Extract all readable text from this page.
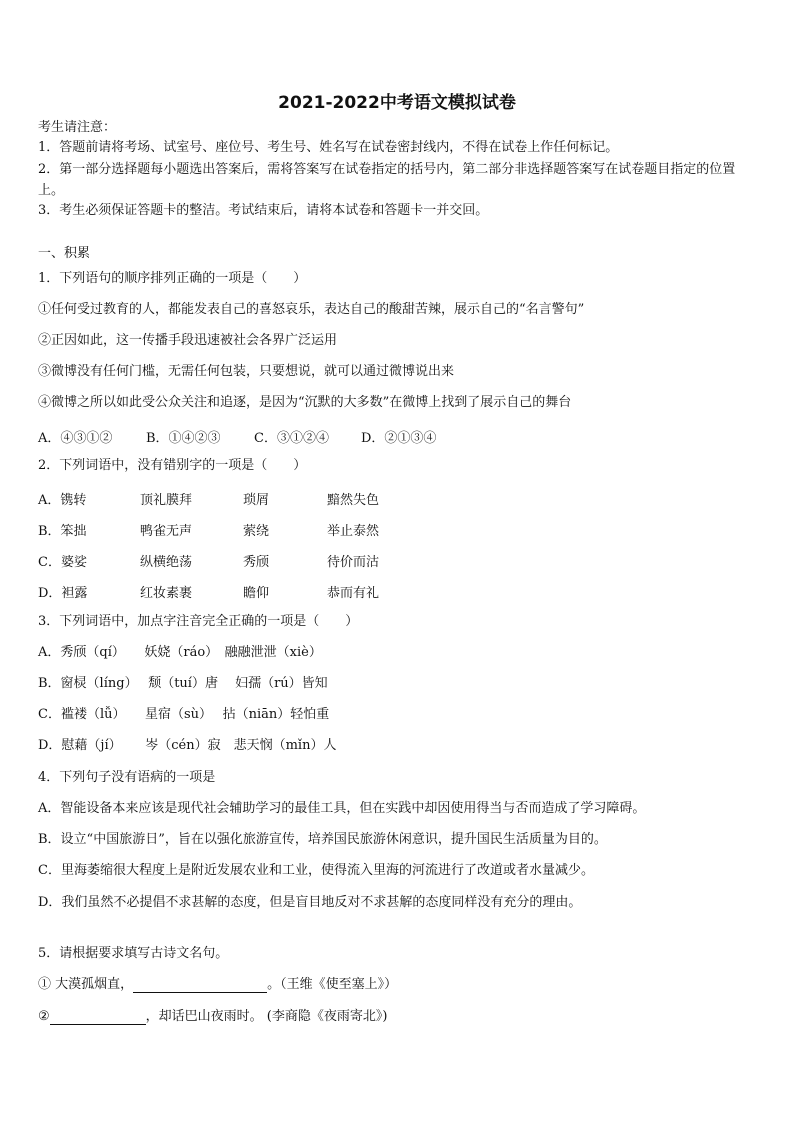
2021-2022中考语文模拟试卷
考生请注意：
1．答题前请将考场、试室号、座位号、考生号、姓名写在试卷密封线内，不得在试卷上作任何标记。
2．第一部分选择题每小题选出答案后，需将答案写在试卷指定的括号内，第二部分非选择题答案写在试卷题目指定的位置上。
3．考生必须保证答题卡的整洁。考试结束后，请将本试卷和答题卡一并交回。
一、积累
1．下列语句的顺序排列正确的一项是（　　）
①任何受过教育的人，都能发表自己的喜怒哀乐，表达自己的酸甜苦辣，展示自己的“名言警句”
②正因如此，这一传播手段迅速被社会各界广泛运用
③微博没有任何门槛，无需任何包装，只要想说，就可以通过微博说出来
④微博之所以如此受公众关注和追逐，是因为“沉默的大多数”在微博上找到了展示自己的舞台
A．④③①②	B．①④②③	C．③①②④ D．②①③④
2．下列词语中，没有错别字的一项是（　　）
A．镌转	顶礼膜拜	琐屑	黯然失色
B．笨拙	鸭雀无声	萦绕	举止泰然
C．婆娑	纵横绝荡	秀颀	待价而沽
D．袒露	红妆素裹	瞻仰	恭而有礼
3．下列词语中，加点字注音完全正确的一项是（　　）
A．秀颀（qí）　　妖娆（ráo）　融融泄泄（xiè）
B．窗棂（líng）　 颓（tuí）唐　 妇孺（rú）皆知
C．褴褛（lǚ）　　星宿（sù）　 拈（niān）轻怕重
D．慰藉（jí）　　 岑（cén）寂　悲天悯（mǐn）人
4．下列句子没有语病的一项是
A．智能设备本来应该是现代社会辅助学习的最佳工具，但在实践中却因使用得当与否而造成了学习障碍。
B．设立“中国旅游日”，旨在以强化旅游宣传，培养国民旅游休闲意识，提升国民生活质量为目的。
C．里海萎缩很大程度上是附近发展农业和工业，使得流入里海的河流进行了改道或者水量减少。
D．我们虽然不必提倡不求甚解的态度，但是盲目地反对不求甚解的态度同样没有充分的理由。
5．请根据要求填写古诗文名句。
① 大漠孤烟直，	。（王维《使至塞上》）
②	，却话巴山夜雨时。 (李商隐《夜雨寄北》)
